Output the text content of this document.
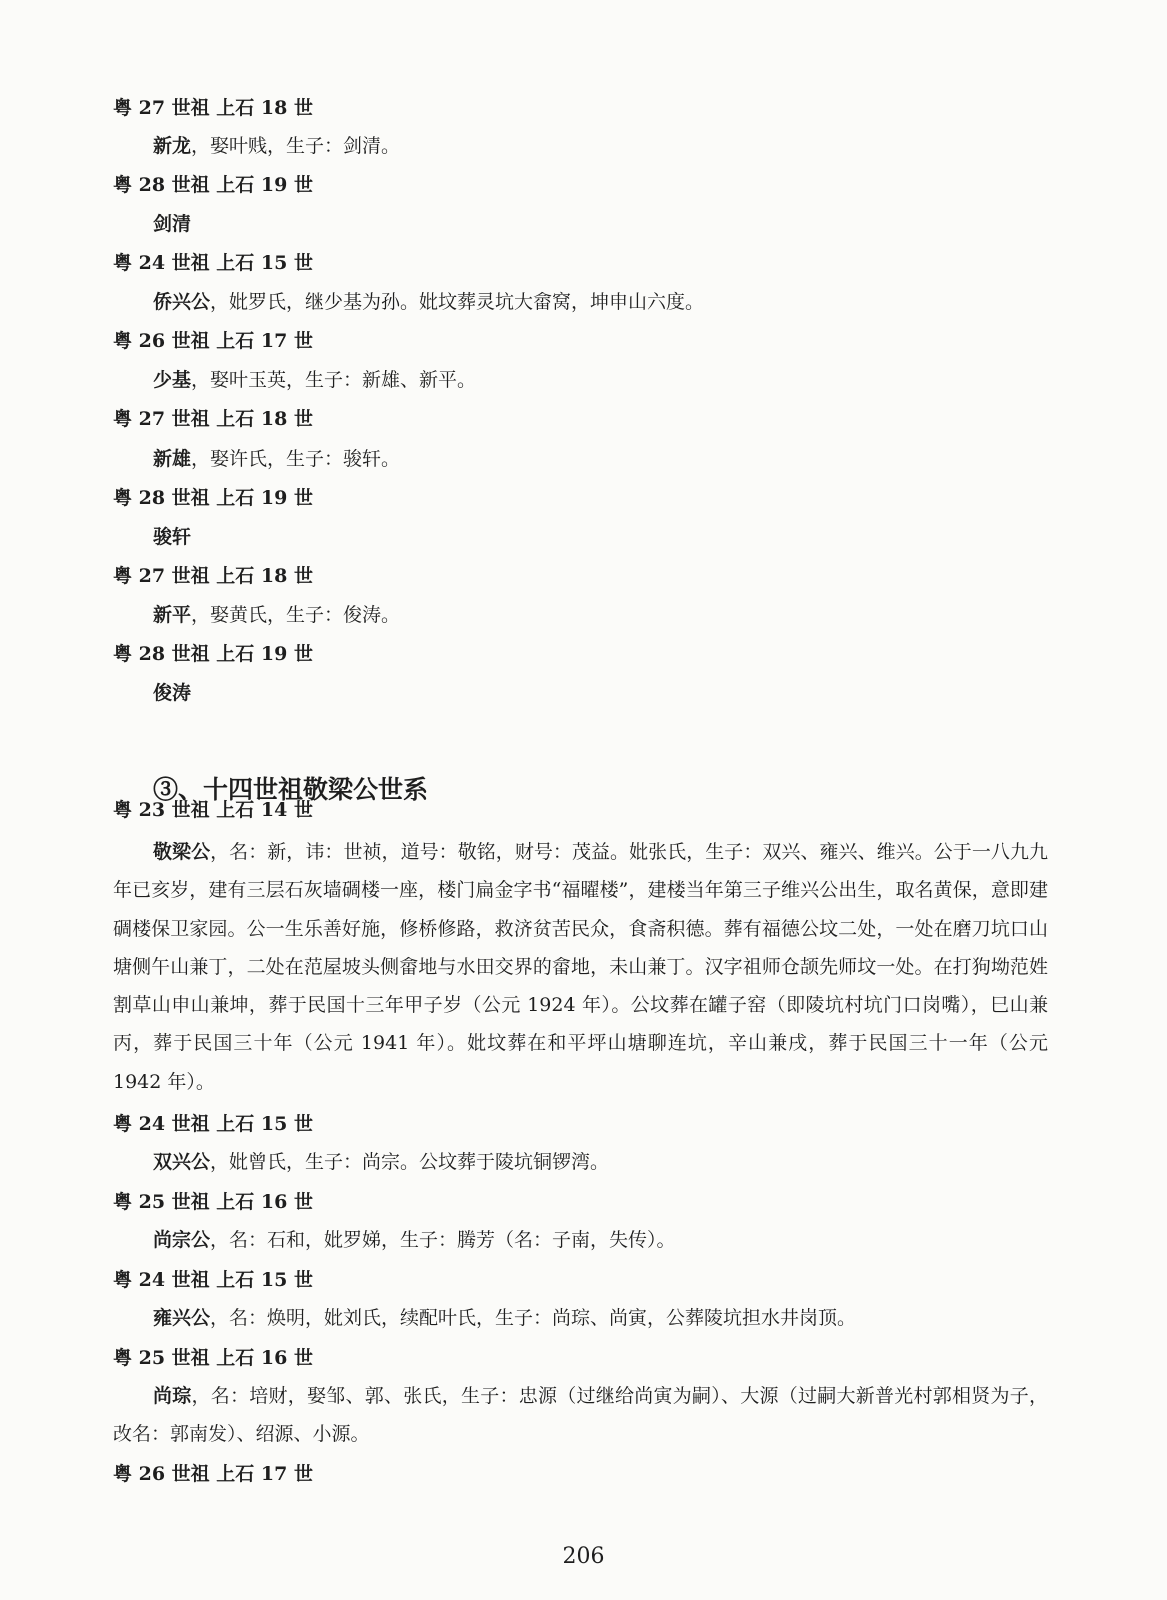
粤 27 世祖 上石 18 世
新龙，娶叶贱，生子：剑清。
粤 28 世祖 上石 19 世
剑清
粤 24 世祖 上石 15 世
侨兴公，妣罗氏，继少基为孙。妣坟葬灵坑大畲窝，坤申山六度。
粤 26 世祖 上石 17 世
少基，娶叶玉英，生子：新雄、新平。
粤 27 世祖 上石 18 世
新雄，娶许氏，生子：骏轩。
粤 28 世祖 上石 19 世
骏轩
粤 27 世祖 上石 18 世
新平，娶黄氏，生子：俊涛。
粤 28 世祖 上石 19 世
俊涛
③、十四世祖敬梁公世系
粤 23 世祖 上石 14 世
敬梁公，名：新，讳：世祯，道号：敬铭，财号：茂益。妣张氏，生子：双兴、雍兴、维兴。公于一八九九年已亥岁，建有三层石灰墙碉楼一座，楼门扁金字书“福曜楼”，建楼当年第三子维兴公出生，取名黄保，意即建碉楼保卫家园。公一生乐善好施，修桥修路，救济贫苦民众，食斋积德。葬有福德公坟二处，一处在磨刀坑口山塘侧午山兼丁，二处在范屋坡头侧畲地与水田交界的畲地，未山兼丁。汉字祖师仓颉先师坟一处。在打狗坳范姓割草山申山兼坤，葬于民国十三年甲子岁（公元 1924 年）。公坟葬在罐子窑（即陵坑村坑门口岗嘴），巳山兼丙，葬于民国三十年（公元 1941 年）。妣坟葬在和平坪山塘聊连坑，辛山兼戌，葬于民国三十一年（公元 1942 年）。
粤 24 世祖 上石 15 世
双兴公，妣曾氏，生子：尚宗。公坟葬于陵坑铜锣湾。
粤 25 世祖 上石 16 世
尚宗公，名：石和，妣罗娣，生子：腾芳（名：子南，失传）。
粤 24 世祖 上石 15 世
雍兴公，名：焕明，妣刘氏，续配叶氏，生子：尚琮、尚寅，公葬陵坑担水井岗顶。
粤 25 世祖 上石 16 世
尚琮，名：培财，娶邹、郭、张氏，生子：忠源（过继给尚寅为嗣）、大源（过嗣大新普光村郭相贤为子，改名：郭南发）、绍源、小源。
粤 26 世祖 上石 17 世
206
